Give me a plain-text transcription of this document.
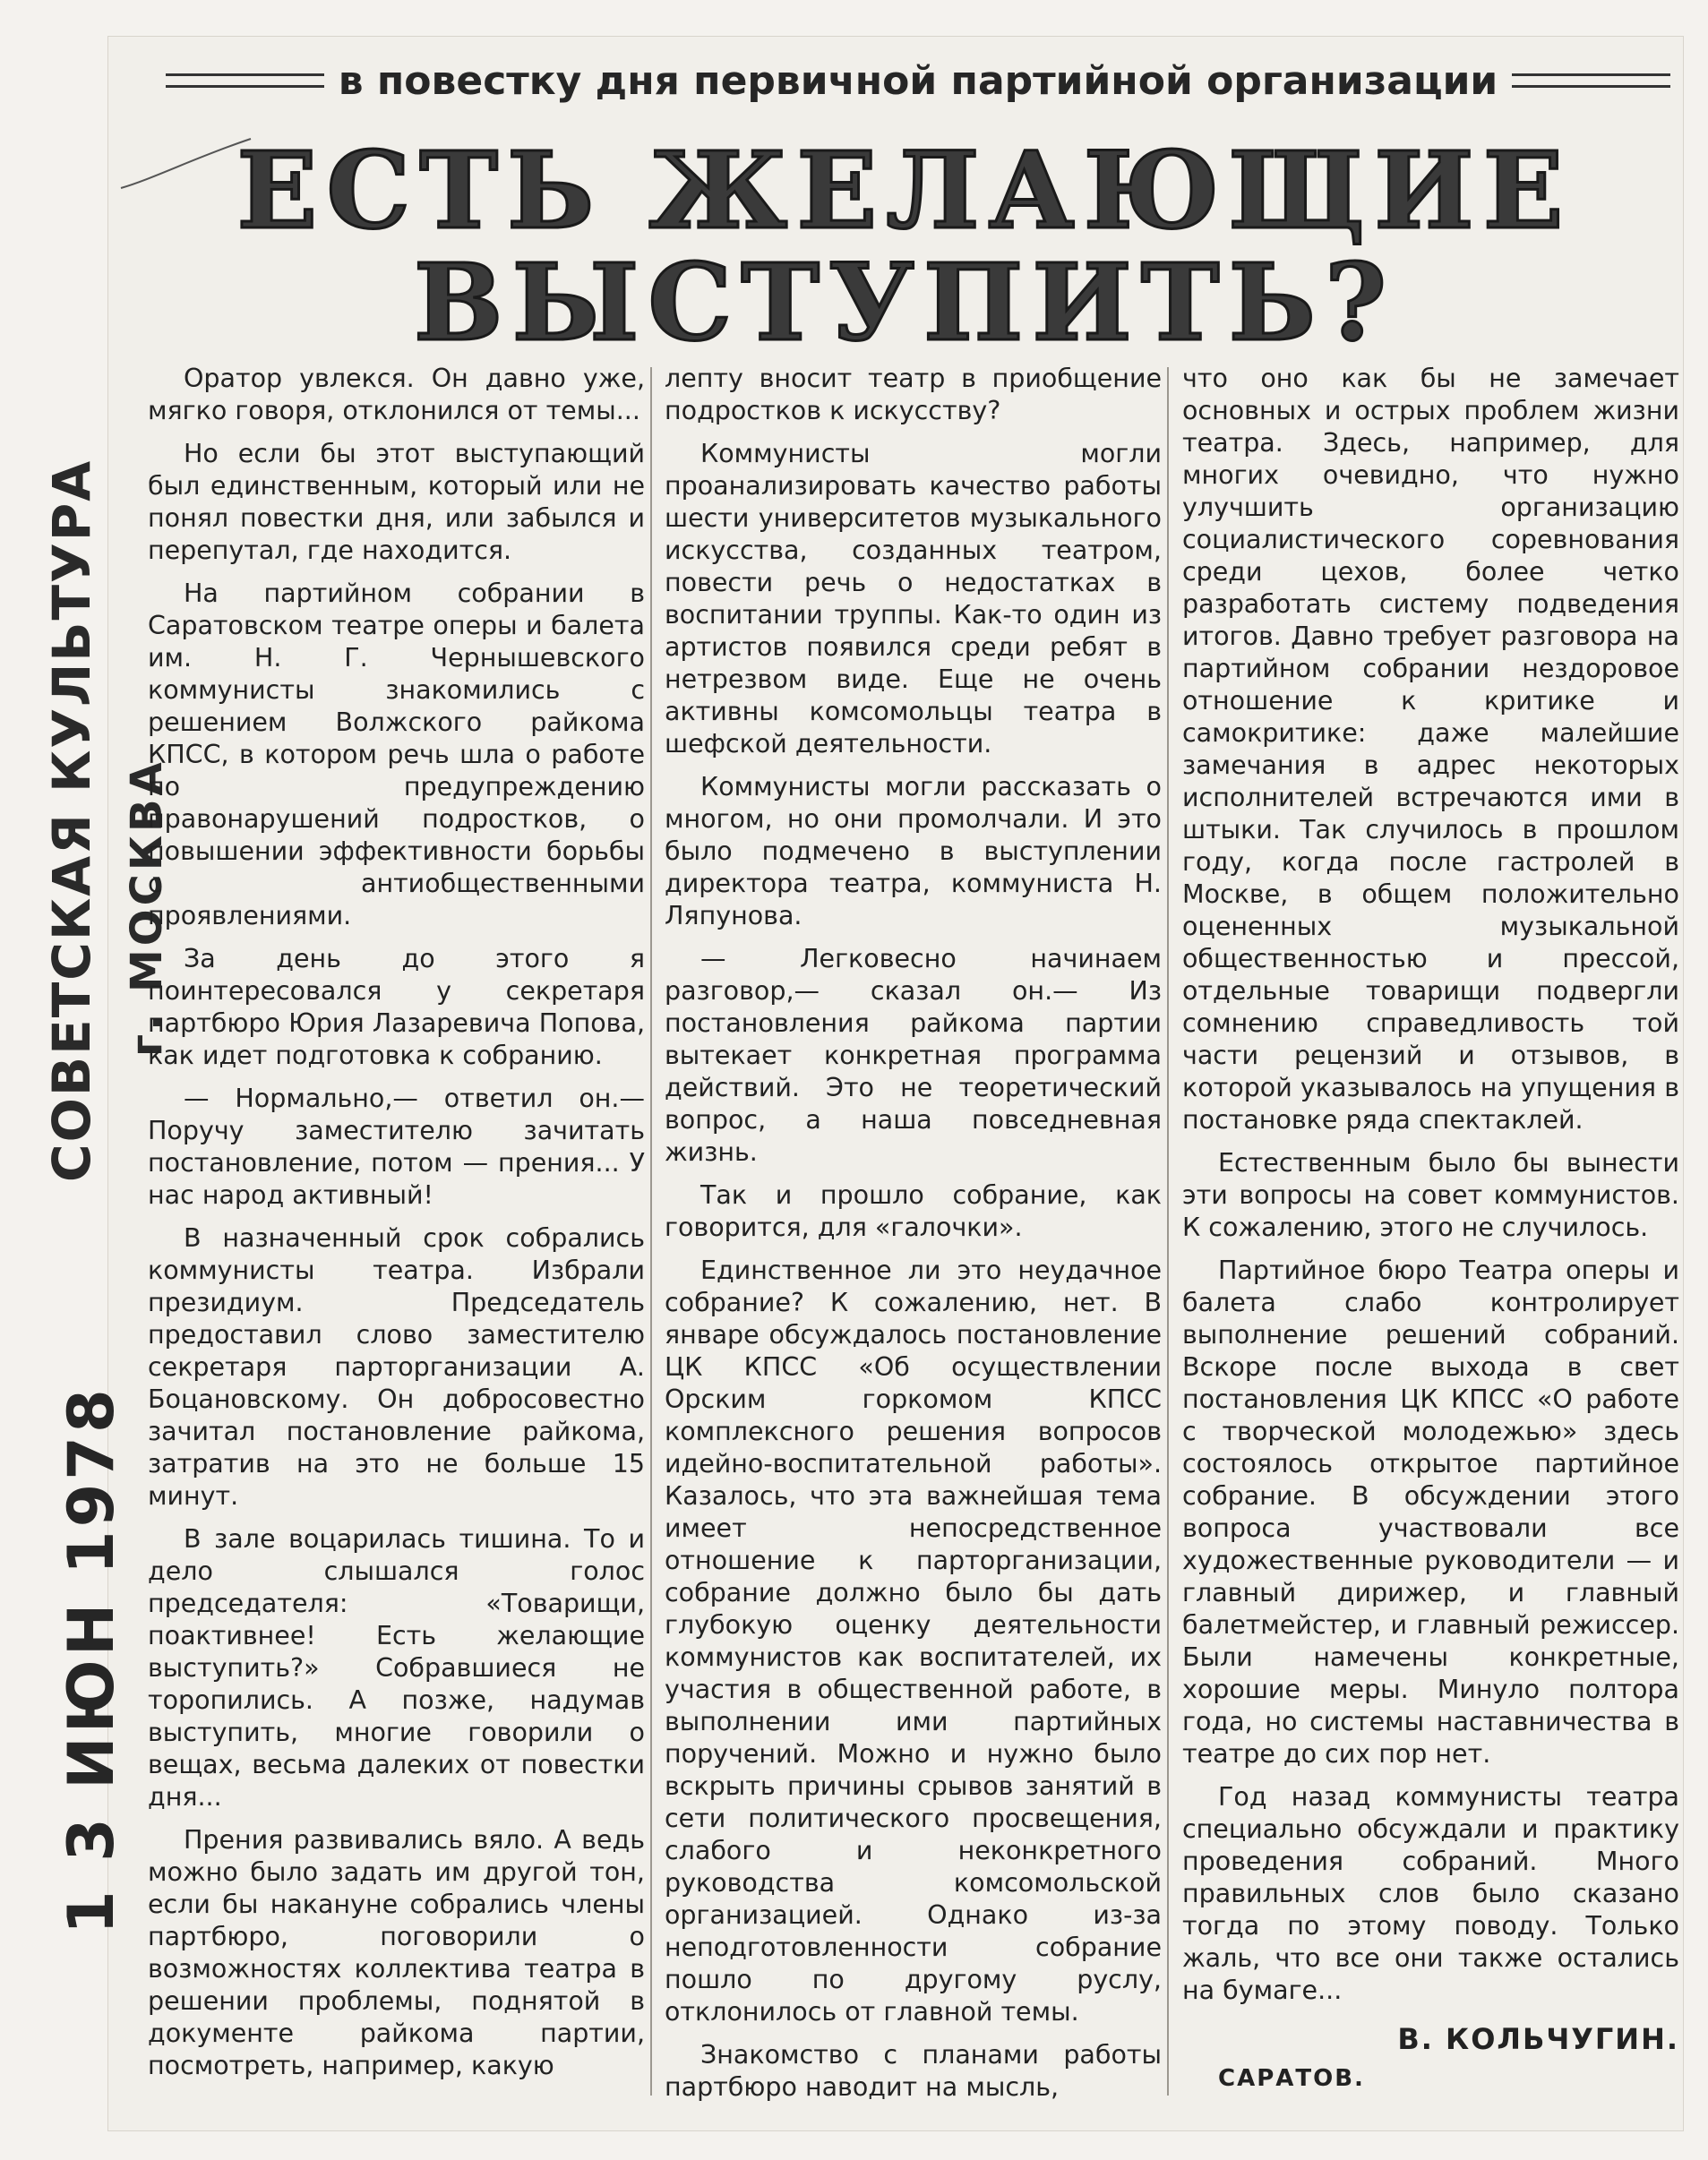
СОВЕТСКАЯ КУЛЬТУРА г. МОСКВА
1 3 ИЮН 1978
в повестку дня первичной партийной организации
ЕСТЬ ЖЕЛАЮЩИЕ
ВЫСТУПИТЬ?

Оратор увлекся. Он давно уже, мягко говоря, отклонился от темы...

Но если бы этот выступающий был единственным, который или не понял повестки дня, или забылся и перепутал, где находится.

На партийном собрании в Саратовском театре оперы и балета им. Н. Г. Чернышевского коммунисты знакомились с решением Волжского райкома КПСС, в котором речь шла о работе по предупреждению правонарушений подростков, о повышении эффективности борьбы с антиобщественными проявлениями.

За день до этого я поинтересовался у секретаря партбюро Юрия Лазаревича Попова, как идет подготовка к собранию.

— Нормально,— ответил он.— Поручу заместителю зачитать постановление, потом — прения... У нас народ активный!

В назначенный срок собрались коммунисты театра. Избрали президиум. Председатель предоставил слово заместителю секретаря парторганизации А. Боцановскому. Он добросовестно зачитал постановление райкома, затратив на это не больше 15 минут.

В зале воцарилась тишина. То и дело слышался голос председателя: «Товарищи, поактивнее! Есть желающие выступить?» Собравшиеся не торопились. А позже, надумав выступить, многие говорили о вещах, весьма далеких от повестки дня...

Прения развивались вяло. А ведь можно было задать им другой тон, если бы накануне собрались члены партбюро, поговорили о возможностях коллектива театра в решении проблемы, поднятой в документе райкома партии, посмотреть, например, какую

лепту вносит театр в приобщение подростков к искусству?

Коммунисты могли проанализировать качество работы шести университетов музыкального искусства, созданных театром, повести речь о недостатках в воспитании труппы. Как-то один из артистов появился среди ребят в нетрезвом виде. Еще не очень активны комсомольцы театра в шефской деятельности.

Коммунисты могли рассказать о многом, но они промолчали. И это было подмечено в выступлении директора театра, коммуниста Н. Ляпунова.

— Легковесно начинаем разговор,— сказал он.— Из постановления райкома партии вытекает конкретная программа действий. Это не теоретический вопрос, а наша повседневная жизнь.

Так и прошло собрание, как говорится, для «галочки».

Единственное ли это неудачное собрание? К сожалению, нет. В январе обсуждалось постановление ЦК КПСС «Об осуществлении Орским горкомом КПСС комплексного решения вопросов идейно-воспитательной работы». Казалось, что эта важнейшая тема имеет непосредственное отношение к парторганизации, собрание должно было бы дать глубокую оценку деятельности коммунистов как воспитателей, их участия в общественной работе, в выполнении ими партийных поручений. Можно и нужно было вскрыть причины срывов занятий в сети политического просвещения, слабого и неконкретного руководства комсомольской организацией. Однако из-за неподготовленности собрание пошло по другому руслу, отклонилось от главной темы.

Знакомство с планами работы партбюро наводит на мысль,

что оно как бы не замечает основных и острых проблем жизни театра. Здесь, например, для многих очевидно, что нужно улучшить организацию социалистического соревнования среди цехов, более четко разработать систему подведения итогов. Давно требует разговора на партийном собрании нездоровое отношение к критике и самокритике: даже малейшие замечания в адрес некоторых исполнителей встречаются ими в штыки. Так случилось в прошлом году, когда после гастролей в Москве, в общем положительно оцененных музыкальной общественностью и прессой, отдельные товарищи подвергли сомнению справедливость той части рецензий и отзывов, в которой указывалось на упущения в постановке ряда спектаклей.

Естественным было бы вынести эти вопросы на совет коммунистов. К сожалению, этого не случилось.

Партийное бюро Театра оперы и балета слабо контролирует выполнение решений собраний. Вскоре после выхода в свет постановления ЦК КПСС «О работе с творческой молодежью» здесь состоялось открытое партийное собрание. В обсуждении этого вопроса участвовали все художественные руководители — и главный дирижер, и главный балетмейстер, и главный режиссер. Были намечены конкретные, хорошие меры. Минуло полтора года, но системы наставничества в театре до сих пор нет.

Год назад коммунисты театра специально обсуждали и практику проведения собраний. Много правильных слов было сказано тогда по этому поводу. Только жаль, что все они также остались на бумаге...

В. КОЛЬЧУГИН.
САРАТОВ.
